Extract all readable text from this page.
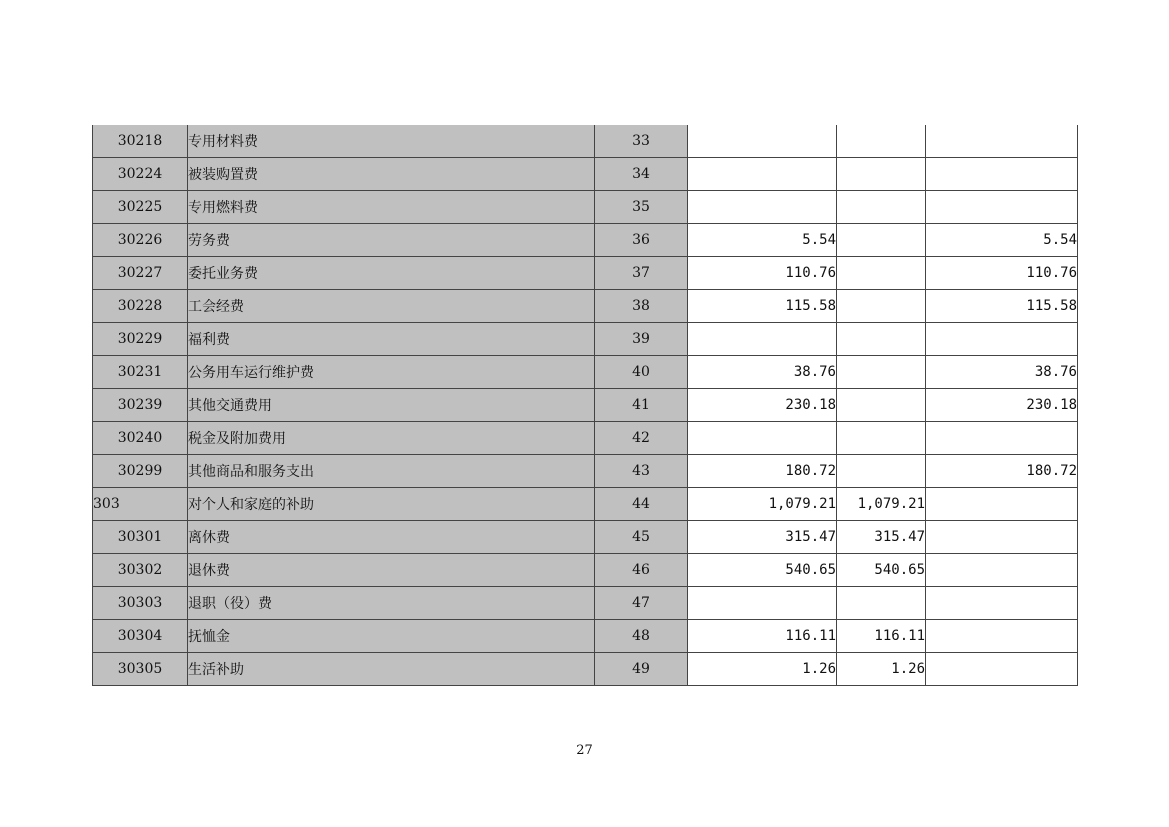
30218	专用材料费	33			
30224	被装购置费	34			
30225	专用燃料费	35			
30226	劳务费	36	5.54		5.54
30227	委托业务费	37	110.76		110.76
30228	工会经费	38	115.58		115.58
30229	福利费	39			
30231	公务用车运行维护费	40	38.76		38.76
30239	其他交通费用	41	230.18		230.18
30240	税金及附加费用	42			
30299	其他商品和服务支出	43	180.72		180.72
303	对个人和家庭的补助	44	1,079.21	1,079.21	
30301	离休费	45	315.47	315.47	
30302	退休费	46	540.65	540.65	
30303	退职（役）费	47			
30304	抚恤金	48	116.11	116.11	
30305	生活补助	49	1.26	1.26	
27
